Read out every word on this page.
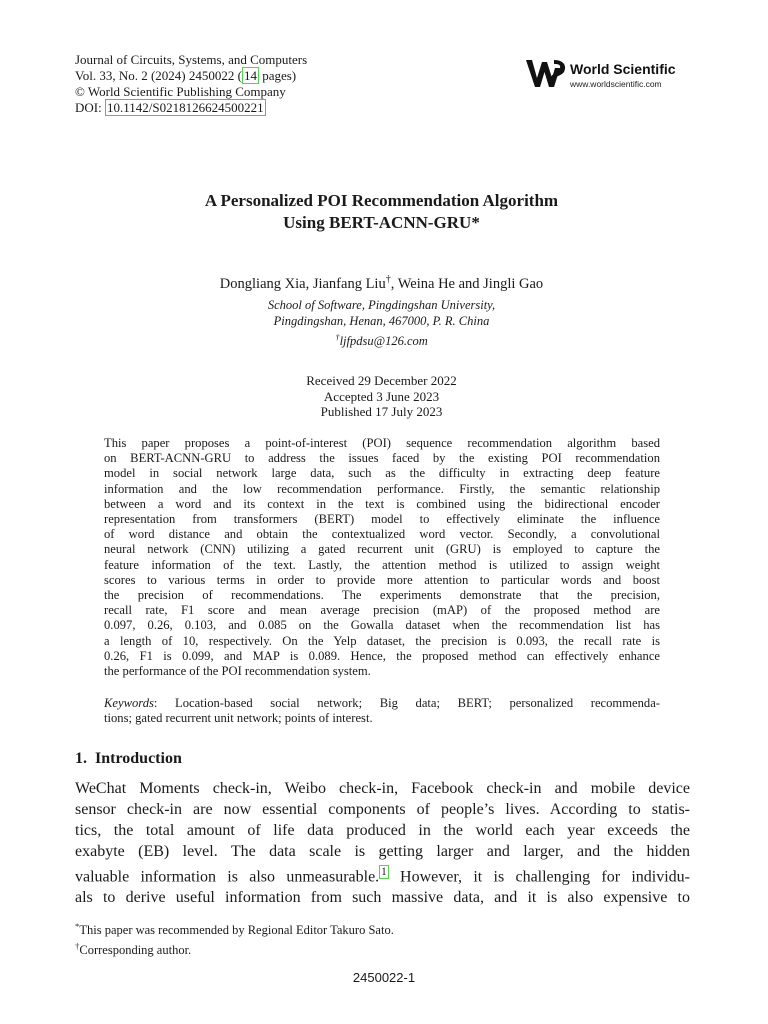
Journal of Circuits, Systems, and Computers
Vol. 33, No. 2 (2024) 2450022 ( 14 pages)
© World Scientific Publishing Company
DOI: 10.1142/S0218126624500221
World Scientific
www.worldscientific.com
A Personalized POI Recommendation Algorithm
Using BERT-ACNN-GRU*
Dongliang Xia, Jianfang Liu†, Weina He and Jingli Gao
School of Software, Pingdingshan University,
Pingdingshan, Henan, 467000, P. R. China
†ljfpdsu@126.com
Received 29 December 2022
Accepted 3 June 2023
Published 17 July 2023
This paper proposes a point-of-interest (POI) sequence recommendation algorithm based
on BERT-ACNN-GRU to address the issues faced by the existing POI recommendation
model in social network large data, such as the difficulty in extracting deep feature
information and the low recommendation performance. Firstly, the semantic relationship
between a word and its context in the text is combined using the bidirectional encoder
representation from transformers (BERT) model to effectively eliminate the influence
of word distance and obtain the contextualized word vector. Secondly, a convolutional
neural network (CNN) utilizing a gated recurrent unit (GRU) is employed to capture the
feature information of the text. Lastly, the attention method is utilized to assign weight
scores to various terms in order to provide more attention to particular words and boost
the precision of recommendations. The experiments demonstrate that the precision,
recall rate, F1 score and mean average precision (mAP) of the proposed method are
0.097, 0.26, 0.103, and 0.085 on the Gowalla dataset when the recommendation list has
a length of 10, respectively. On the Yelp dataset, the precision is 0.093, the recall rate is
0.26, F1 is 0.099, and MAP is 0.089. Hence, the proposed method can effectively enhance
the performance of the POI recommendation system.
Keywords: Location-based social network; Big data; BERT; personalized recommenda-
tions; gated recurrent unit network; points of interest.
1. Introduction
WeChat Moments check-in, Weibo check-in, Facebook check-in and mobile device
sensor check-in are now essential components of people’s lives. According to statis-
tics, the total amount of life data produced in the world each year exceeds the
exabyte (EB) level. The data scale is getting larger and larger, and the hidden
valuable information is also unmeasurable. $^1$ However, it is challenging for individu-
als to derive useful information from such massive data, and it is also expensive to
*This paper was recommended by Regional Editor Takuro Sato.
†Corresponding author.
2450022-1
